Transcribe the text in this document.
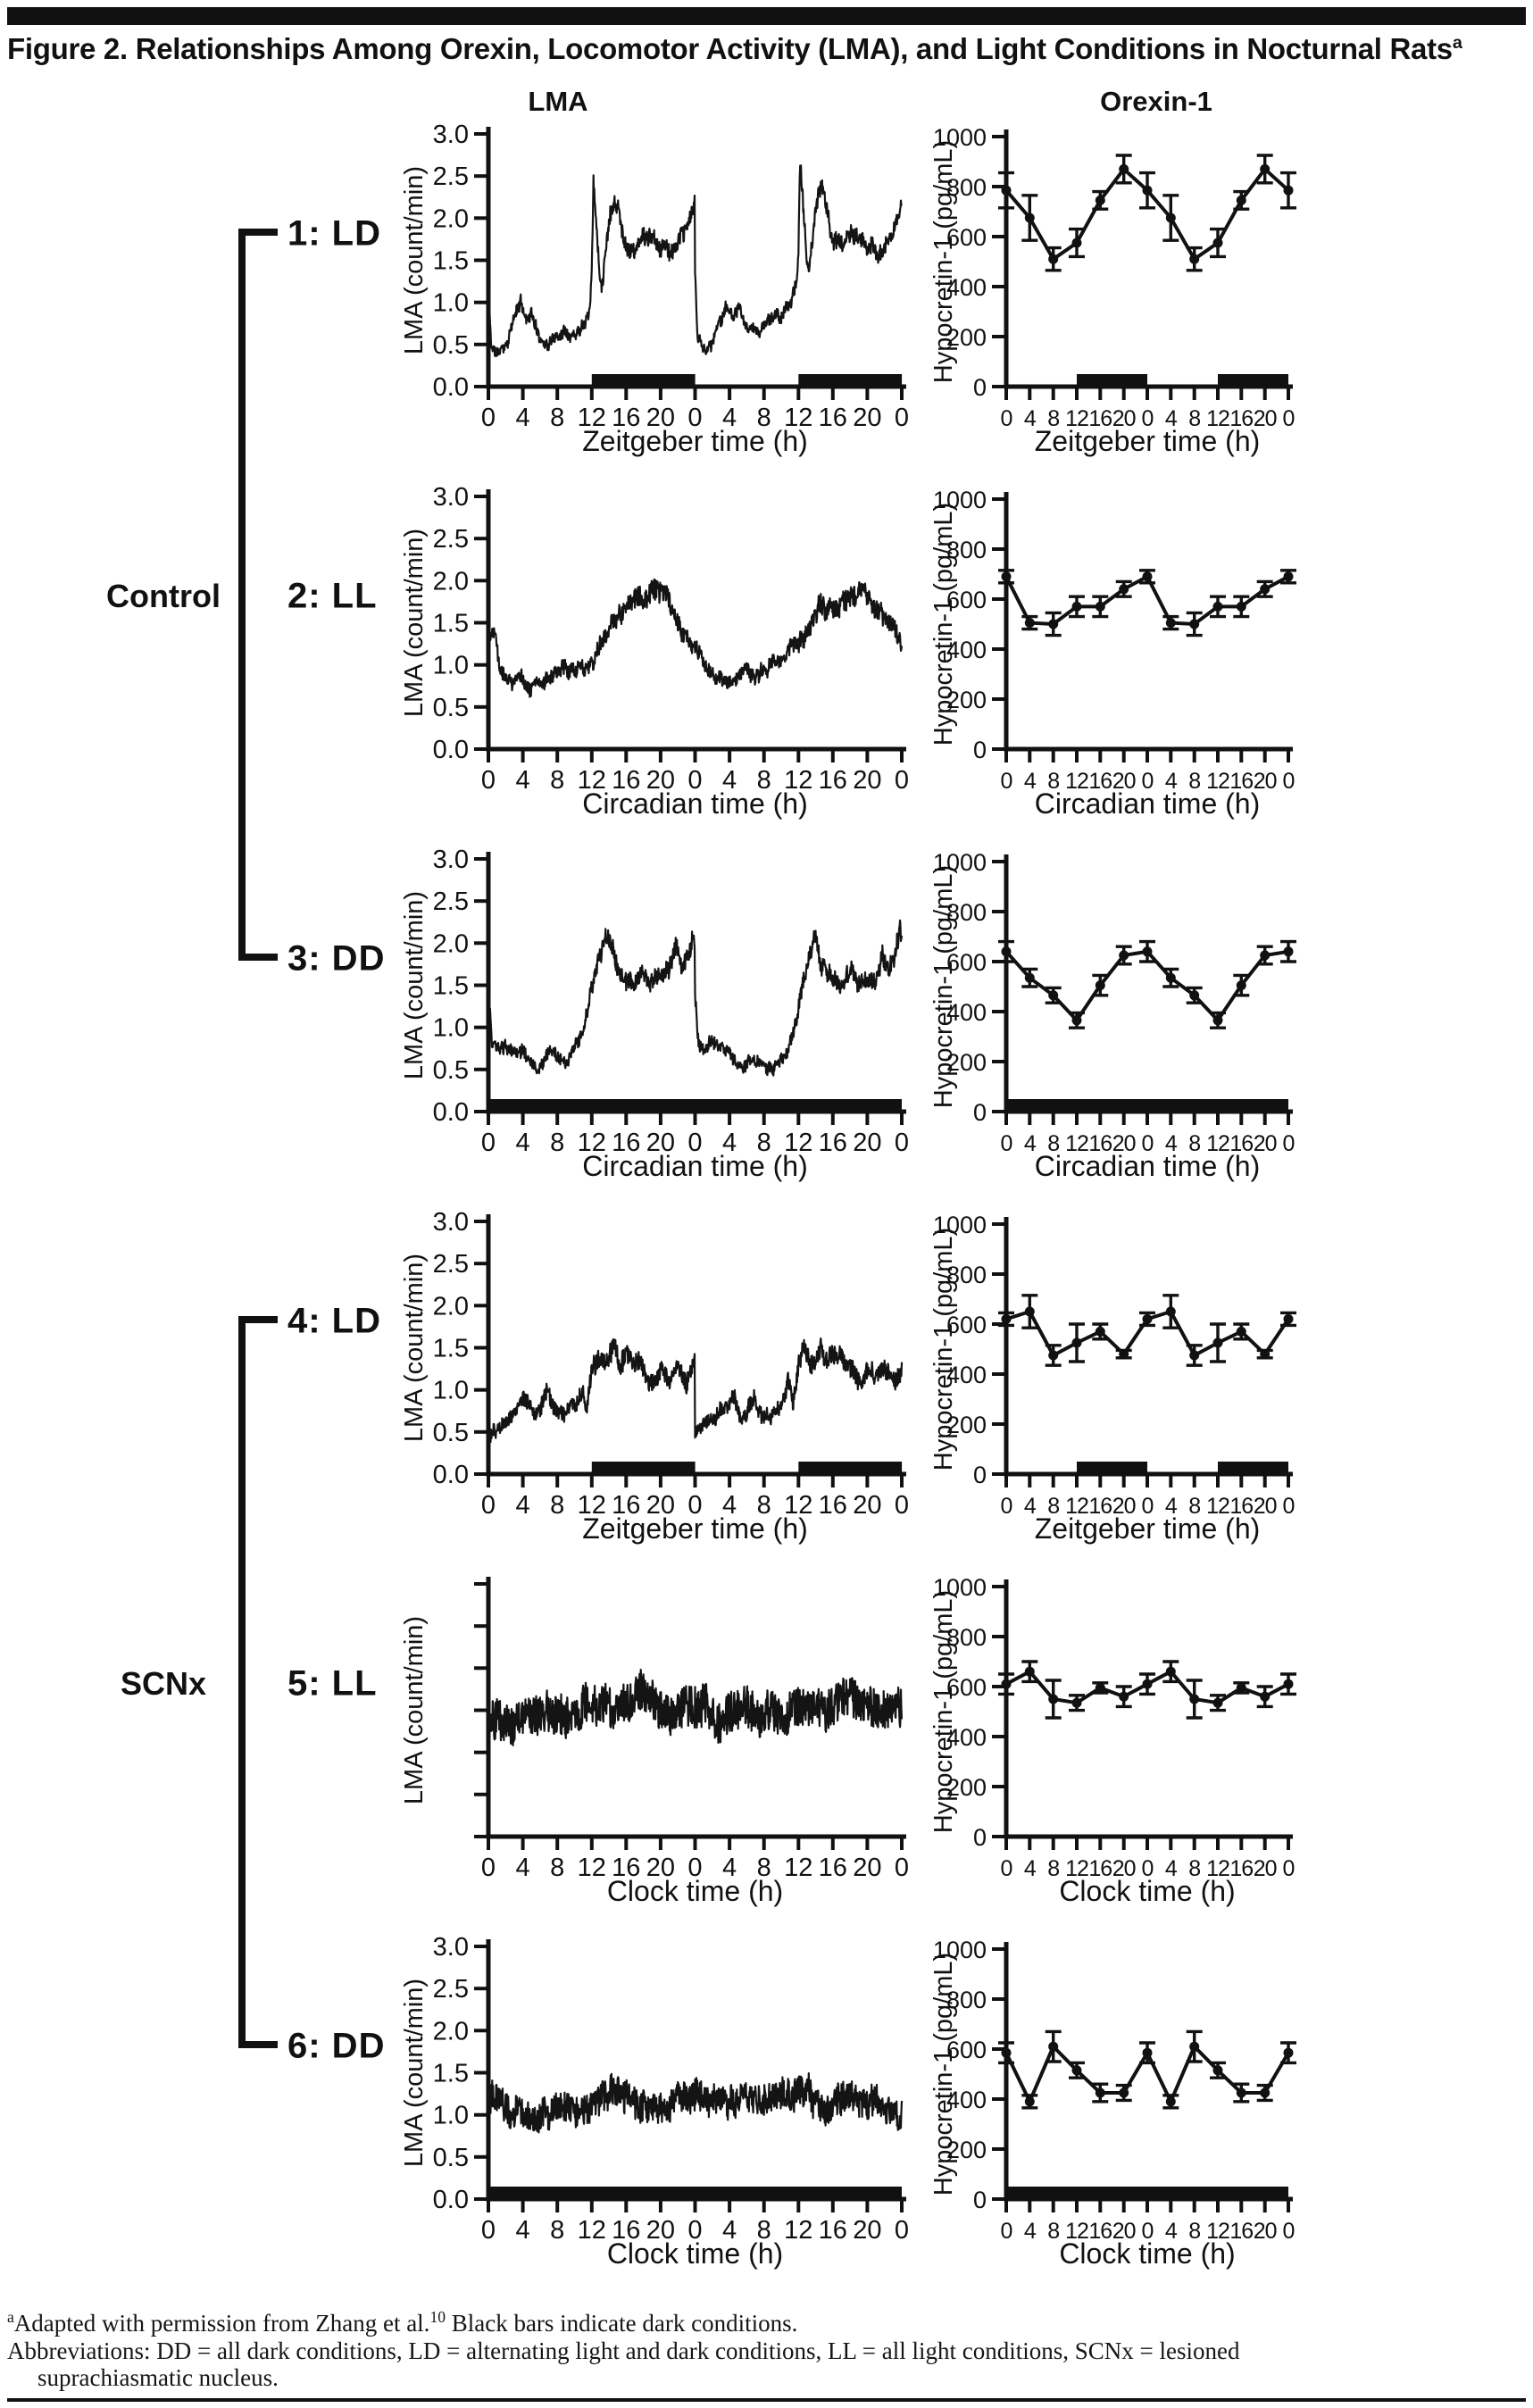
Figure 2. Relationships Among Orexin, Locomotor Activity (LMA), and Light Conditions in Nocturnal Rats$^a$
LMA	Orexin-1
Control
SCNx
1: LD
0.0
0.5
1.0
1.5
2.0
2.5
3.0
0 4 8 12 16 20 0 4 8 12 16 20 0
Zeitgeber time (h)
LMA (count/min)
0
200
400
600
800
1000
0 4 8 12 16 20 0 4 8 12 16 20 0
Zeitgeber time (h)
Hypocretin-1 (pg/mL)
2: LL
0.0
0.5
1.0
1.5
2.0
2.5
3.0
0 4 8 12 16 20 0 4 8 12 16 20 0
Circadian time (h)
LMA (count/min)
0
200
400
600
800
1000
0 4 8 12 16 20 0 4 8 12 16 20 0
Circadian time (h)
Hypocretin-1 (pg/mL)
3: DD
0.0
0.5
1.0
1.5
2.0
2.5
3.0
0 4 8 12 16 20 0 4 8 12 16 20 0
Circadian time (h)
LMA (count/min)
0
200
400
600
800
1000
0 4 8 12 16 20 0 4 8 12 16 20 0
Circadian time (h)
Hypocretin-1 (pg/mL)
4: LD
0.0
0.5
1.0
1.5
2.0
2.5
3.0
0 4 8 12 16 20 0 4 8 12 16 20 0
Zeitgeber time (h)
LMA (count/min)
0
200
400
600
800
1000
0 4 8 12 16 20 0 4 8 12 16 20 0
Zeitgeber time (h)
Hypocretin-1 (pg/mL)
5: LL
0 4 8 12 16 20 0 4 8 12 16 20 0
Clock time (h)
LMA (count/min)
0
200
400
600
800
1000
0 4 8 12 16 20 0 4 8 12 16 20 0
Clock time (h)
Hypocretin-1 (pg/mL)
6: DD
0.0
0.5
1.0
1.5
2.0
2.5
3.0
0 4 8 12 16 20 0 4 8 12 16 20 0
Clock time (h)
LMA (count/min)
0
200
400
600
800
1000
0 4 8 12 16 20 0 4 8 12 16 20 0
Clock time (h)
Hypocretin-1 (pg/mL)

$^a$Adapted with permission from Zhang et al.$^{10}$ Black bars indicate dark conditions.

Abbreviations: DD = all dark conditions, LD = alternating light and dark conditions, LL = all light conditions, SCNx = lesioned suprachiasmatic nucleus.
